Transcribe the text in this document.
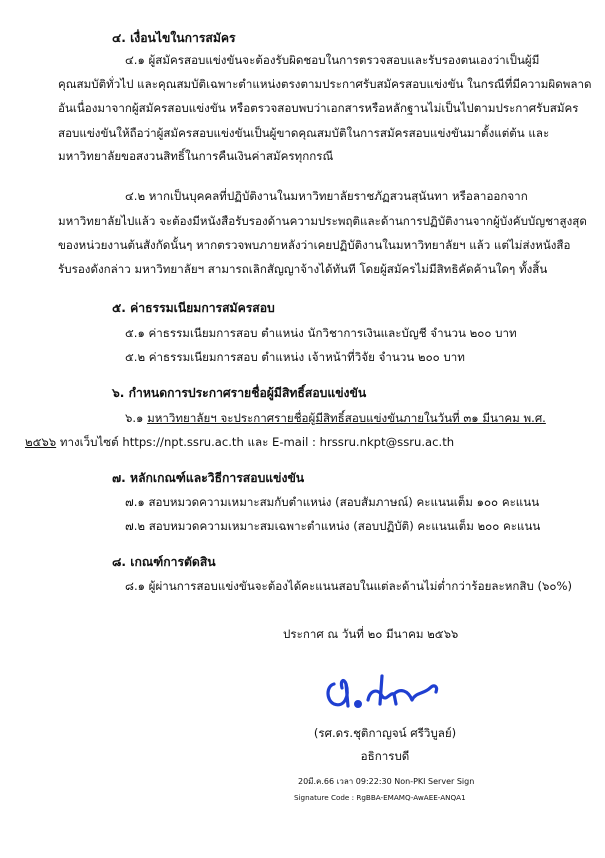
๔. เงื่อนไขในการสมัคร
๔.๑ ผู้สมัครสอบแข่งขันจะต้องรับผิดชอบในการตรวจสอบและรับรองตนเองว่าเป็นผู้มี
คุณสมบัติทั่วไป และคุณสมบัติเฉพาะตำแหน่งตรงตามประกาศรับสมัครสอบแข่งขัน ในกรณีที่มีความผิดพลาด
อันเนื่องมาจากผู้สมัครสอบแข่งขัน หรือตรวจสอบพบว่าเอกสารหรือหลักฐานไม่เป็นไปตามประกาศรับสมัคร
สอบแข่งขันให้ถือว่าผู้สมัครสอบแข่งขันเป็นผู้ขาดคุณสมบัติในการสมัครสอบแข่งขันมาตั้งแต่ต้น และ
มหาวิทยาลัยขอสงวนสิทธิ์ในการคืนเงินค่าสมัครทุกกรณี
๔.๒ หากเป็นบุคคลที่ปฏิบัติงานในมหาวิทยาลัยราชภัฏสวนสุนันทา หรือลาออกจาก
มหาวิทยาลัยไปแล้ว จะต้องมีหนังสือรับรองด้านความประพฤติและด้านการปฏิบัติงานจากผู้บังคับบัญชาสูงสุด
ของหน่วยงานต้นสังกัดนั้นๆ หากตรวจพบภายหลังว่าเคยปฏิบัติงานในมหาวิทยาลัยฯ แล้ว แต่ไม่ส่งหนังสือ
รับรองดังกล่าว มหาวิทยาลัยฯ สามารถเลิกสัญญาจ้างได้ทันที โดยผู้สมัครไม่มีสิทธิคัดค้านใดๆ ทั้งสิ้น
๕. ค่าธรรมเนียมการสมัครสอบ
๕.๑ ค่าธรรมเนียมการสอบ ตำแหน่ง นักวิชาการเงินและบัญชี จำนวน ๒๐๐ บาท
๕.๒ ค่าธรรมเนียมการสอบ ตำแหน่ง เจ้าหน้าที่วิจัย จำนวน ๒๐๐ บาท
๖. กำหนดการประกาศรายชื่อผู้มีสิทธิ์สอบแข่งขัน
๖.๑ มหาวิทยาลัยฯ จะประกาศรายชื่อผู้มีสิทธิ์สอบแข่งขันภายในวันที่ ๓๑ มีนาคม พ.ศ.
๒๕๖๖ ทางเว็บไซต์ https://npt.ssru.ac.th และ E-mail : hrssru.nkpt@ssru.ac.th
๗. หลักเกณฑ์และวิธีการสอบแข่งขัน
๗.๑ สอบหมวดความเหมาะสมกับตำแหน่ง (สอบสัมภาษณ์) คะแนนเต็ม ๑๐๐ คะแนน
๗.๒ สอบหมวดความเหมาะสมเฉพาะตำแหน่ง (สอบปฏิบัติ) คะแนนเต็ม ๒๐๐ คะแนน
๘. เกณฑ์การตัดสิน
๘.๑ ผู้ผ่านการสอบแข่งขันจะต้องได้คะแนนสอบในแต่ละด้านไม่ต่ำกว่าร้อยละหกสิบ (๖๐%)
ประกาศ ณ วันที่ ๒๐ มีนาคม ๒๕๖๖
(รศ.ดร.ชุติกาญจน์ ศรีวิบูลย์)
อธิการบดี
20มี.ค.66 เวลา 09:22:30 Non-PKI Server Sign
Signature Code : RgBBA-EMAMQ-AwAEE-ANQA1
